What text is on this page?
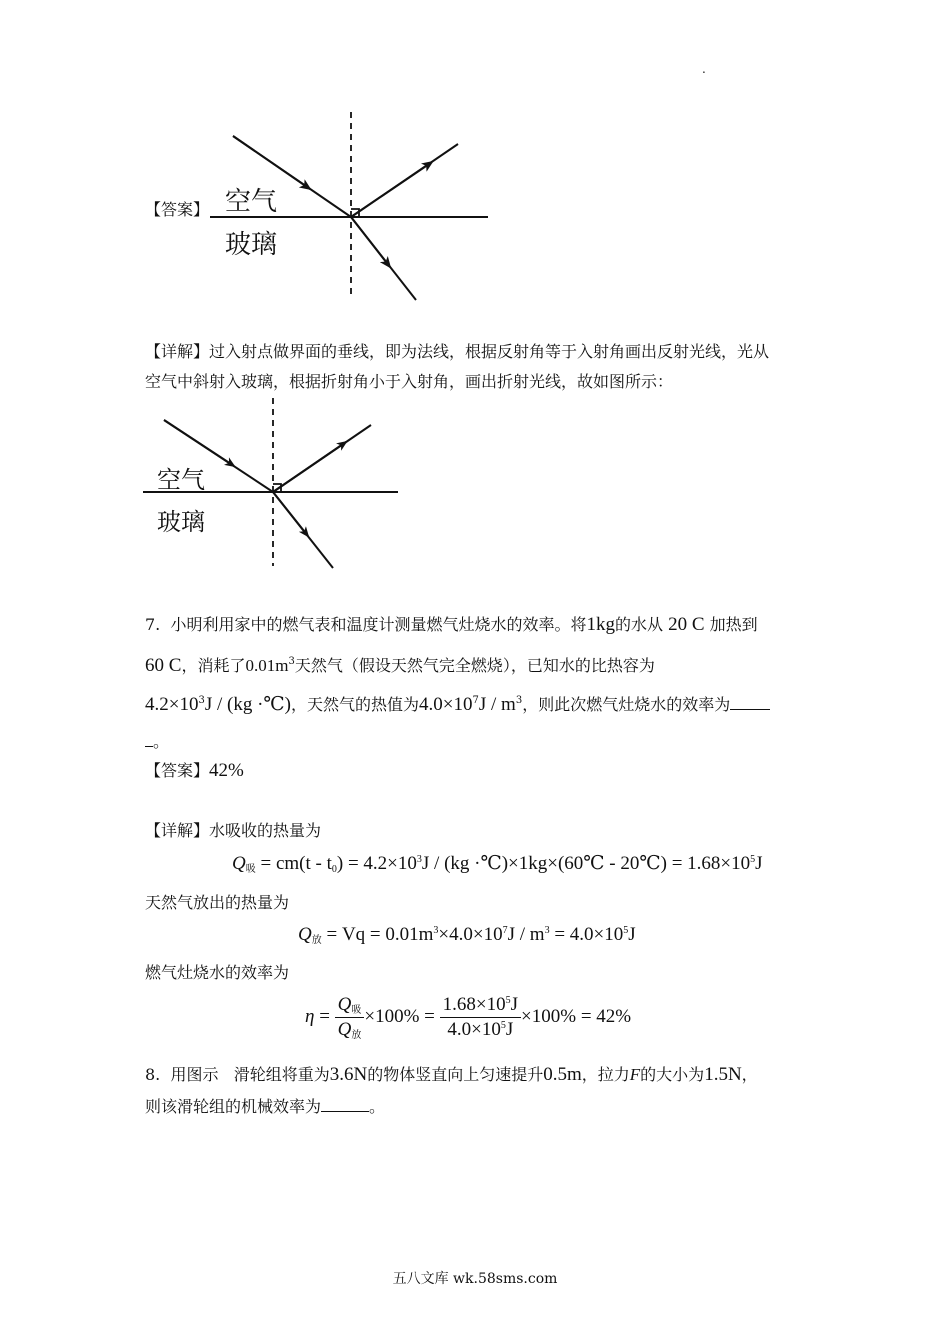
.
【答案】 空气
玻璃
【详解】过入射点做界面的垂线，即为法线，根据反射角等于入射角画出反射光线，光从
空气中斜射入玻璃，根据折射角小于入射角，画出折射光线，故如图所示：
空气
玻璃
7. 小明利用家中的燃气表和温度计测量燃气灶烧水的效率。将1kg的水从 20 C 加热到
60 C，消耗了$0.01m^3$天然气（假设天然气完全燃烧），已知水的比热容为
$4.2\times 10^3J / (kg$ ·℃)，天然气的热值为$4.0\times 10^7J / m^3$，则此次燃气灶烧水的效率为
。
【答案】42%
【详解】水吸收的热量为
$Q_吸 = cm(t - t_0) = 4.2\times 10^3J / (kg$ ·℃)×1kg×(60℃ - 20℃) = $1.68\times 10^5J$
天然气放出的热量为
$Q_放 = Vq = 0.01m^3\times 4.0\times 10^7J / m^3 = 4.0\times 10^5J$
燃气灶烧水的效率为
$\eta = \frac{Q_吸}{Q_放} \times 100\% = \frac{1.68\times 10^5J}{4.0\times 10^5J} \times 100\% = 42\%$
8. 用图示 滑轮组将重为3.6N的物体竖直向上匀速提升0.5m，拉力F的大小为1.5N，
则该滑轮组的机械效率为	。
五八文库 wk.58sms.com
